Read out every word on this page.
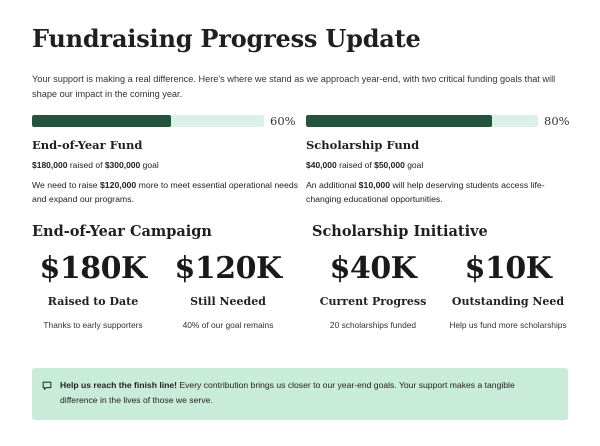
Fundraising Progress Update

Your support is making a real difference. Here's where we stand as we approach year-end, with two critical funding goals that will shape our impact in the coming year.

60%
End-of-Year Fund
$180,000 raised of $300,000 goal
We need to raise $120,000 more to meet essential operational needs and expand our programs.
80%
Scholarship Fund
$40,000 raised of $50,000 goal
An additional $10,000 will help deserving students access life-changing educational opportunities.
End-of-Year Campaign	Scholarship Initiative
$180K
Raised to Date
Thanks to early supporters
$120K
Still Needed
40% of our goal remains
$40K
Current Progress
20 scholarships funded
$10K
Outstanding Need
Help us fund more scholarships
Help us reach the finish line! Every contribution brings us closer to our year-end goals. Your support makes a tangible difference in the lives of those we serve.
